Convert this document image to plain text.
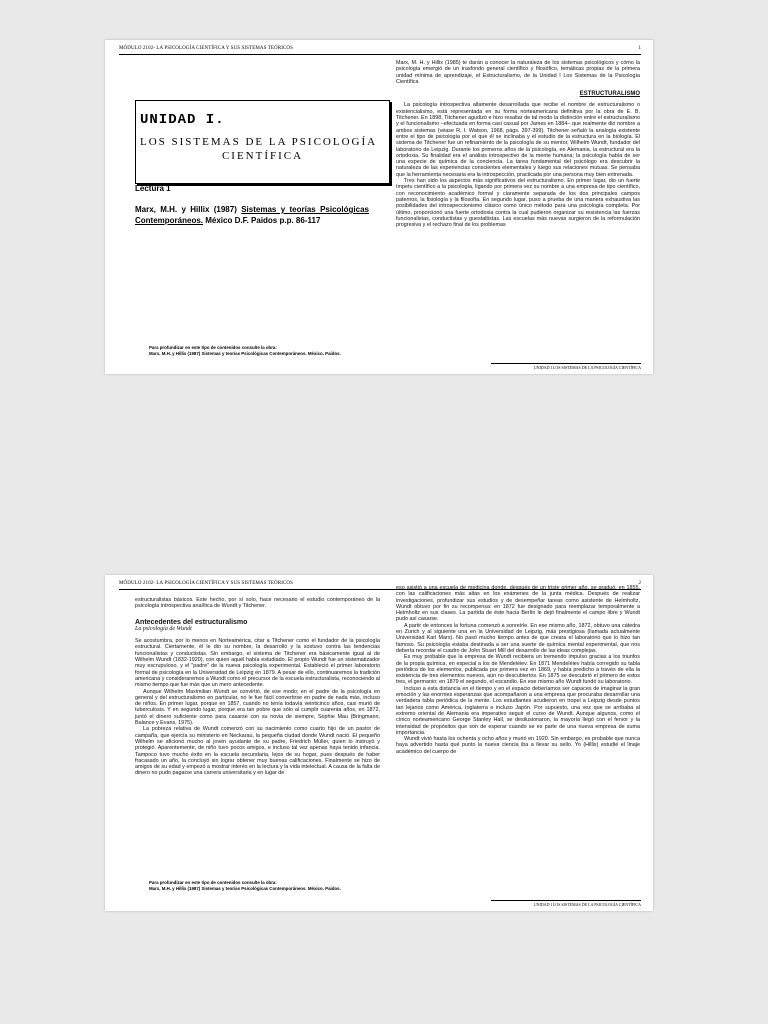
MÓDULO 2102- LA PSICOLOGÍA CIENTÍFICA Y SUS SISTEMAS TEÓRICOS	1
UNIDAD I.
LOS SISTEMAS DE LA PSICOLOGÍA
CIENTÍFICA
Lectura 1
Marx, M.H. y Hillix (1987) Sistemas y teorías Psicológicas Contemporáneos. México D.F. Paidos p.p. 86-117

Marx, M. H. y Hillix (1985) te darán a conocer la naturaleza de los sistemas psicológicos y cómo la psicología emergió de un trasfondo general científico y filosófico, temáticas propias de la primera unidad mínima de aprendizaje, el Estructuralismo, de la Unidad I Los Sistemas de la Psicología Científica

ESTRUCTURALISMO

La psicología introspectiva altamente desarrollada que recibe el nombre de estructuralismo o existencialismo, está representada en su forma norteamericana definitiva por la obra de E. B. Titchener. En 1898, Titchener agudizó e hizo resaltar de tal modo la distinción entre el estructuralismo y el funcionalismo –efectuada en forma casi casual por James en 1884– que realmente dio nombre a ambos sistemas (véase R. I. Watson, 1968, págs. 397-399). Titchener señaló la analogía existente entre el tipo de psicología por el que él se inclinaba y el estudio de la estructura en la biología. El sistema de Titchener fue un refinamiento de la psicología de su mentor, Wilhelm Wundt, fundador del laboratorio de Leipzig. Durante los primeros años de la psicología, en Alemania, la estructural era la ortodoxia. Su finalidad era el análisis introspectivo de la mente humana; la psicología había de ser una especie de química de la conciencia. La tarea fundamental del psicólogo era descubrir la naturaleza de las experiencias conscientes elementales y luego sus relaciones mutuas. Se pensaba que la herramienta necesaria era la introspección, practicada por una persona muy bien entrenada.

Tres han sido los aspectos más significativos del estructuralismo. En primer lugar, dio un fuerte ímpetu científico a la psicología, ligando por primera vez su nombre a una empresa de tipo científico, con reconocimiento académico formal y claramente separada de los dos principales campos paternos, la fisiología y la filosofía. En segundo lugar, puso a prueba de una manera exhaustiva las posibilidades del introspeccionismo clásico como único método para una psicología completa. Por último, proporcionó una fuerte ortodoxia contra la cual pudieron organizar su resistencia las fuerzas funcionalistas, conductistas y guestaltistas. Las escuelas más nuevas surgieron de la reformulación progresiva y el rechazo final de los problemas

Para profundizar en este tipo de contenidos consulte la obra:
Marx, M.H. y Hillix (1987) Sistemas y teorías Psicológicas Contemporáneos. México. Paidos.
UNIDAD I LOS SISTEMAS DE LA PSICOLOGÍA CIENTÍFICA
MÓDULO 2102- LA PSICOLOGÍA CIENTÍFICA Y SUS SISTEMAS TEÓRICOS	2

estructuralistas básicos. Este hecho, por sí solo, hace necesario el estudio contemporáneo de la psicología introspectiva analítica de Wundt y Titchener.

Antecedentes del estructuralismo
La psicología de Wundt

Se acostumbra, por lo menos en Norteamérica, citar a Titchener como el fundador de la psicología estructural. Ciertamente, él le dio su nombre, la desarrolló y la sostuvo contra las tendencias funcionalistas y conductistas. Sin embargo, el sistema de Titchener era básicamente igual al de Wilhelm Wundt (1832-1920), con quien aquél había estudiado. El propio Wundt fue un sistematizador muy escrupuloso, y el "padre" de la nueva psicología experimental. Estableció el primer laboratorio formal de psicología en la Universidad de Leipzig en 1879. A pesar de ello, continuaremos la tradición americana y consideraremos a Wundt como el precursor de la escuela estructuralista, reconociendo al mismo tiempo que fue más que un mero antecedente.

Aunque Wilhelm Maximilian Wundt se convirtió, de ese modo; en el padre de la psicología en general y del estructuralismo en particular, no le fue fácil convertirse en padre de nada más, incluso de niños. En primer lugar, porque en 1857, cuando no tenía todavía veinticinco años, casi murió de tuberculosis. Y en segundo lugar, porque era tan pobre que sólo al cumplir cuarenta años, en 1872, juntó el dinero suficiente como para casarse con su novia de siempre, Sophie Mau (Bringmann, Balance y Evans, 1975).

La pobreza relativa de Wundt comenzó con su nacimiento como cuarto hijo de un pastor de campaña, que ejercía su ministerio en Neckarau, la pequeña ciudad donde Wundt nació. El pequeño Wilhelm se aficionó mucho al joven ayudante de su padre, Friedrich Müller, quien lo instruyó y protegió. Aparentemente, de niño tuvo pocos amigos, e incluso tal vez apenas haya tenido infancia. Tampoco tuvo mucho éxito en la escuela secundaria, lejos de su hogar, pues después de haber fracasado un año, la concluyó sin lograr obtener muy buenas calificaciones. Finalmente se hizo de amigos de su edad y empezó a mostrar interés en la lectura y la vida intelectual. A causa de la falta de dinero no pudo pagarse una carrera universitaria y en lugar de

eso asistió a una escuela de medicina donde, después de un triste primer año, se graduó, en 1855, con las calificaciones más altas en los exámenes de la junta médica. Después de realizar investigaciones, profundizar sus estudios y de desempeñar tareas como asistente de Helmholtz, Wundt obtuvo por fin su recompensa: en 1872 fue designado para reemplazar temporalmente a Helmholtz en sus clases. La partida de éste hacia Berlín le dejó finalmente el campo libre y Wundt pudo así casarse.

A partir de entonces la fortuna comenzó a sonreírle. En ese mismo año, 1872, obtuvo una cátedra en Zurich y al siguiente una en la Universidad de Leipzig, más prestigiosa (llamada actualmente Universidad Karl Marx). No pasó mucho tiempo antes de que creara el laboratorio que lo hizo tan famoso. Su psicología estaba destinada a ser una suerte de química mental experimental, que nos debería recordar el cuadro de John Stuart Mill del desarrollo de las ideas complejas.

Es muy probable que la empresa de Wundt recibiera un tremendo impulso gracias a los triunfos de la propia química, en especial a los de Mendeléiev. En 1871 Mendeléiev había corregido su tabla periódica de los elementos, publicada por primera vez en 1869, y había predicho a través de ella la existencia de tres elementos nuevos, aún no descubiertos. En 1875 se descubrió el primero de estos tres, el germanio; en 1879 el segundo, el escandio. En ese mismo año Wundt fundó su laboratorio.

Incluso a esta distancia en el tiempo y en el espacio deberíamos ser capaces de imaginar la gran emoción y las enormes esperanzas que acompañaron a una empresa que procuraba desarrollar una verdadera tabla periódica de la mente. Los estudiantes acudieron en tropel a Leipzig desde puntos tan lejanos como América, Inglaterra e incluso Japón. Por supuesto, una vez que se arribaba al extremo oriental de Alemania era imperativo seguir el curso de Wundt. Aunque algunos, como el cínico norteamericano George Stanley Hall, se desilusionaron, la mayoría llegó con el fervor y la intensidad de propósitos que son de esperar cuando se es parte de una nueva empresa de suma importancia.

Wundt vivió hasta los ochenta y ocho años y murió en 1920. Sin embargo, es probable que nunca haya advertido hasta qué punto la nueva ciencia iba a llevar su sello. Yo (Hillix) estudié el linaje académico del cuerpo de

Para profundizar en este tipo de contenidos consulte la obra:
Marx, M.H. y Hillix (1987) Sistemas y teorías Psicológicas Contemporáneos. México. Paidos.
UNIDAD I LOS SISTEMAS DE LA PSICOLOGÍA CIENTÍFICA
